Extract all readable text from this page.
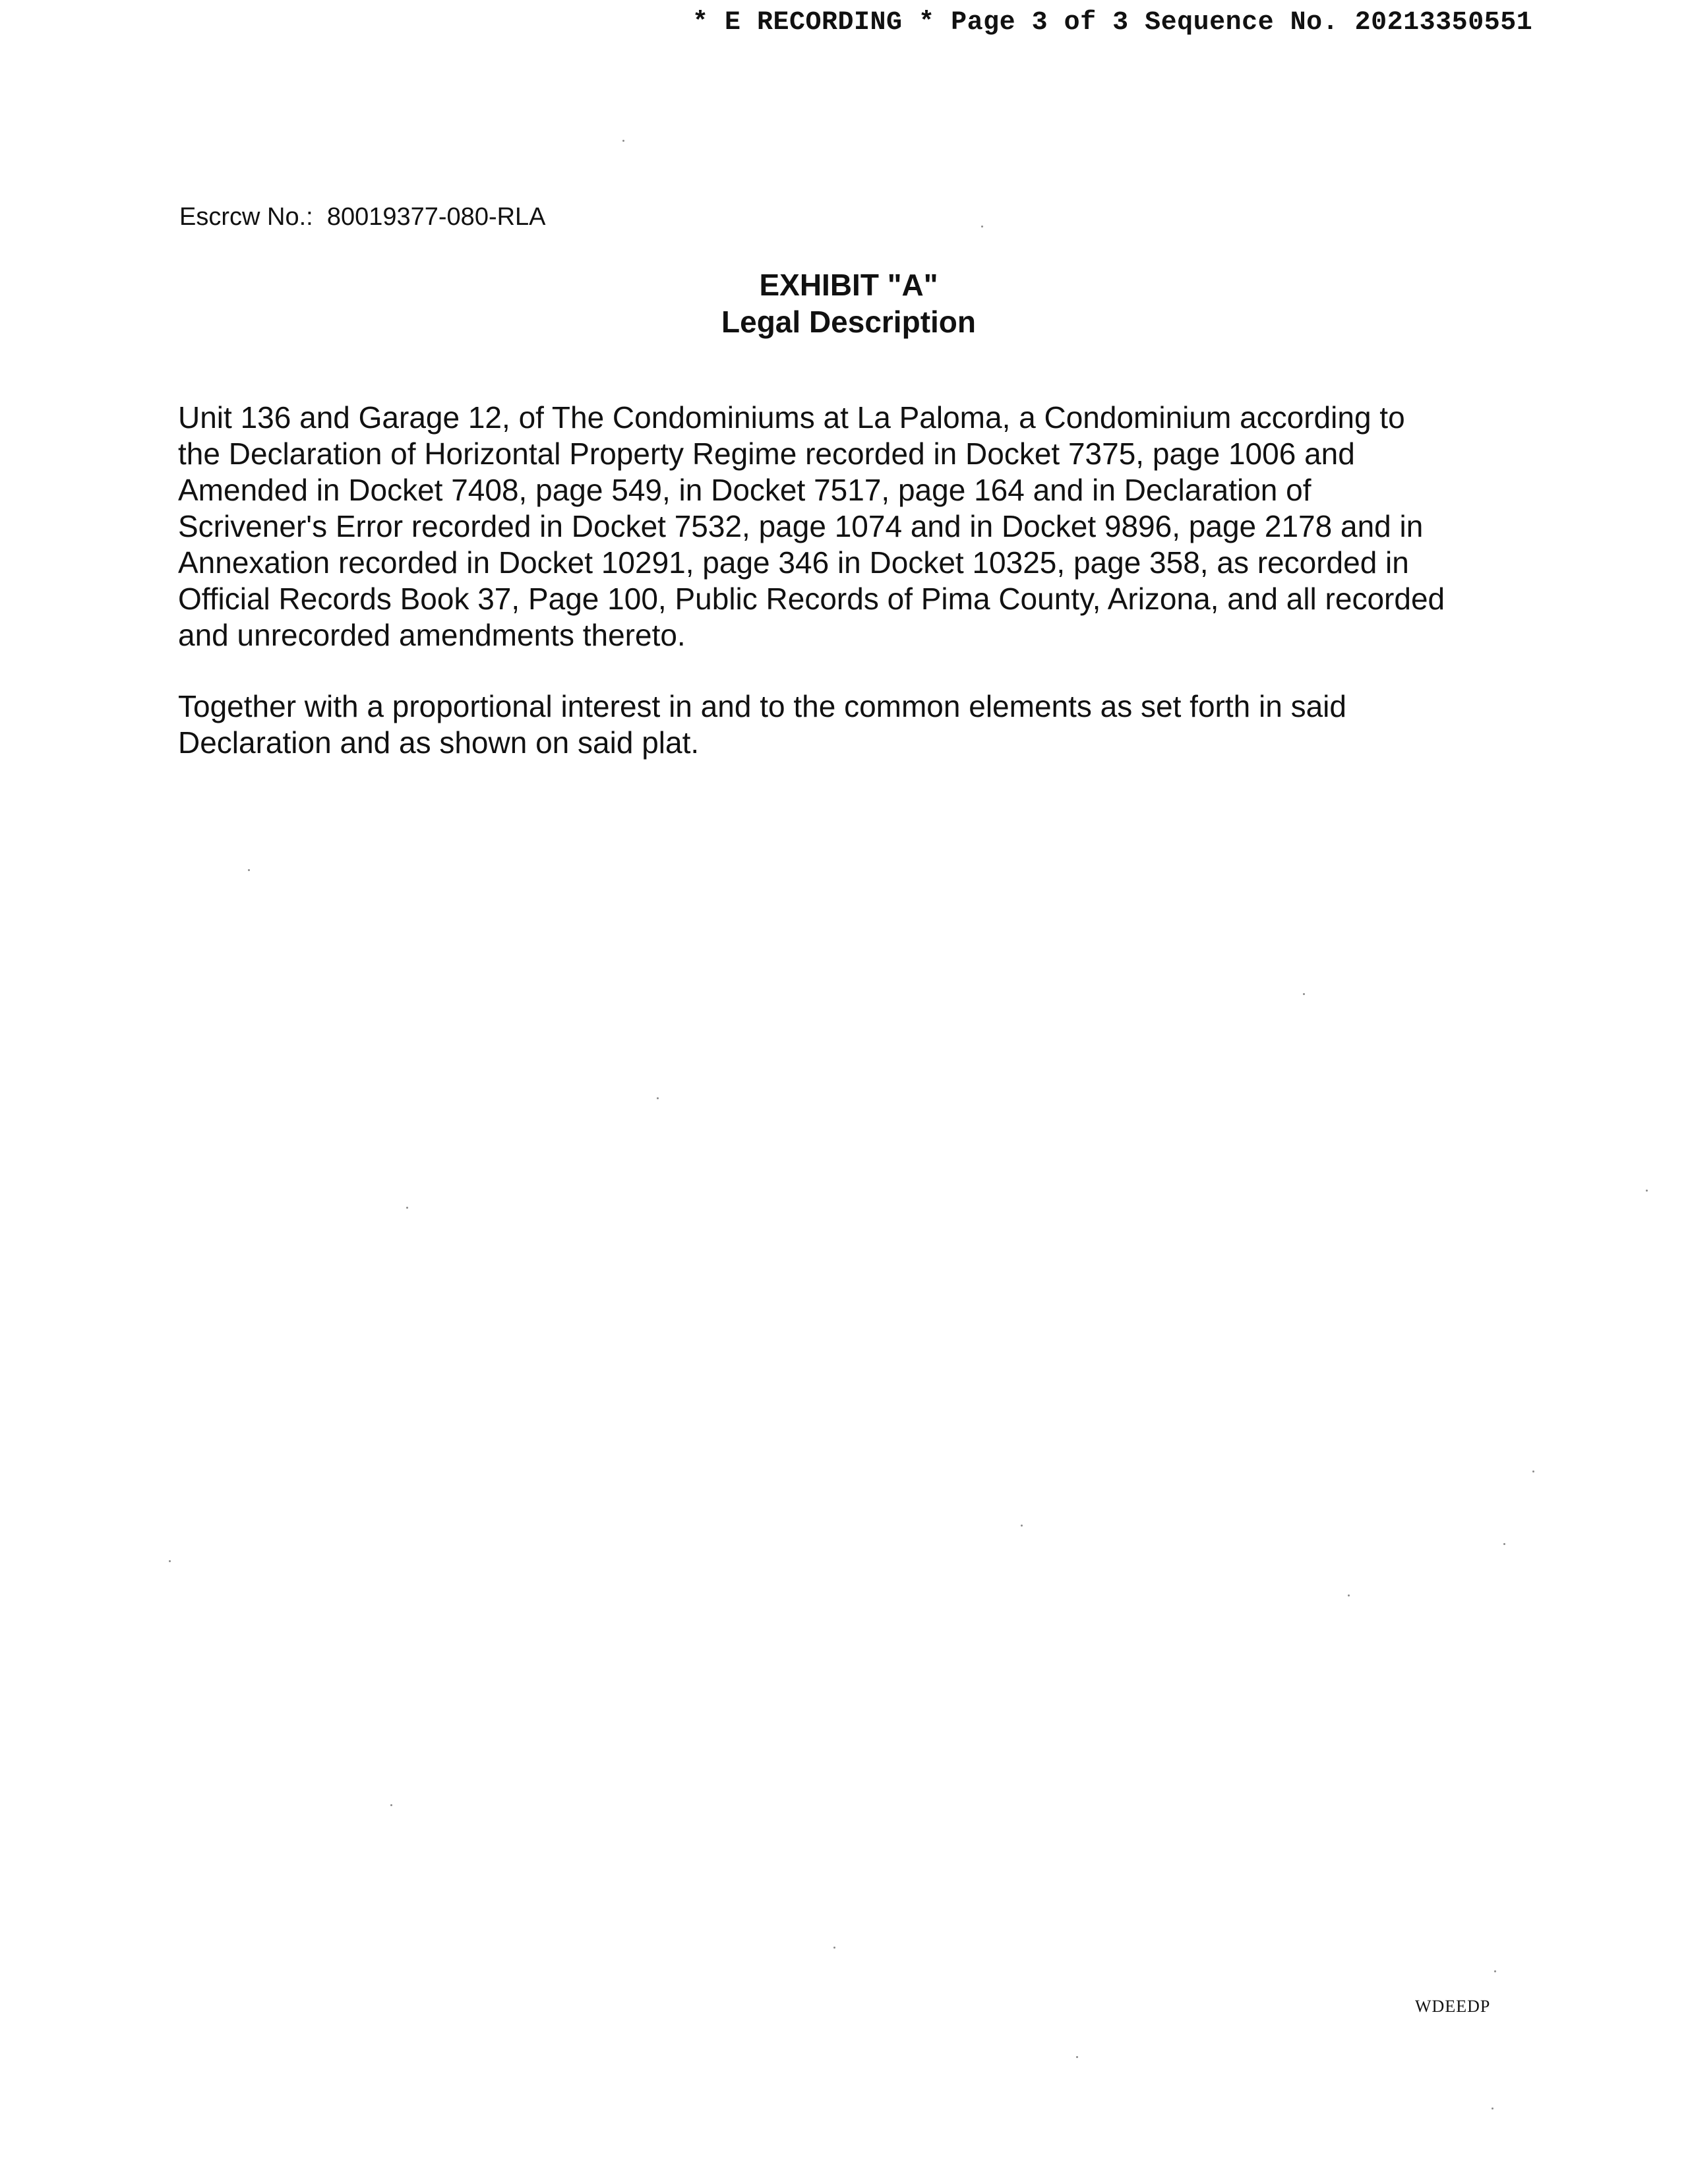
* E RECORDING * Page 3 of 3 Sequence No. 20213350551
Escrcw No.: 80019377-080-RLA
EXHIBIT "A"
Legal Description
Unit 136 and Garage 12, of The Condominiums at La Paloma, a Condominium according to
the Declaration of Horizontal Property Regime recorded in Docket 7375, page 1006 and
Amended in Docket 7408, page 549, in Docket 7517, page 164 and in Declaration of
Scrivener's Error recorded in Docket 7532, page 1074 and in Docket 9896, page 2178 and in
Annexation recorded in Docket 10291, page 346 in Docket 10325, page 358, as recorded in
Official Records Book 37, Page 100, Public Records of Pima County, Arizona, and all recorded
and unrecorded amendments thereto.
Together with a proportional interest in and to the common elements as set forth in said
Declaration and as shown on said plat.
WDEEDP
